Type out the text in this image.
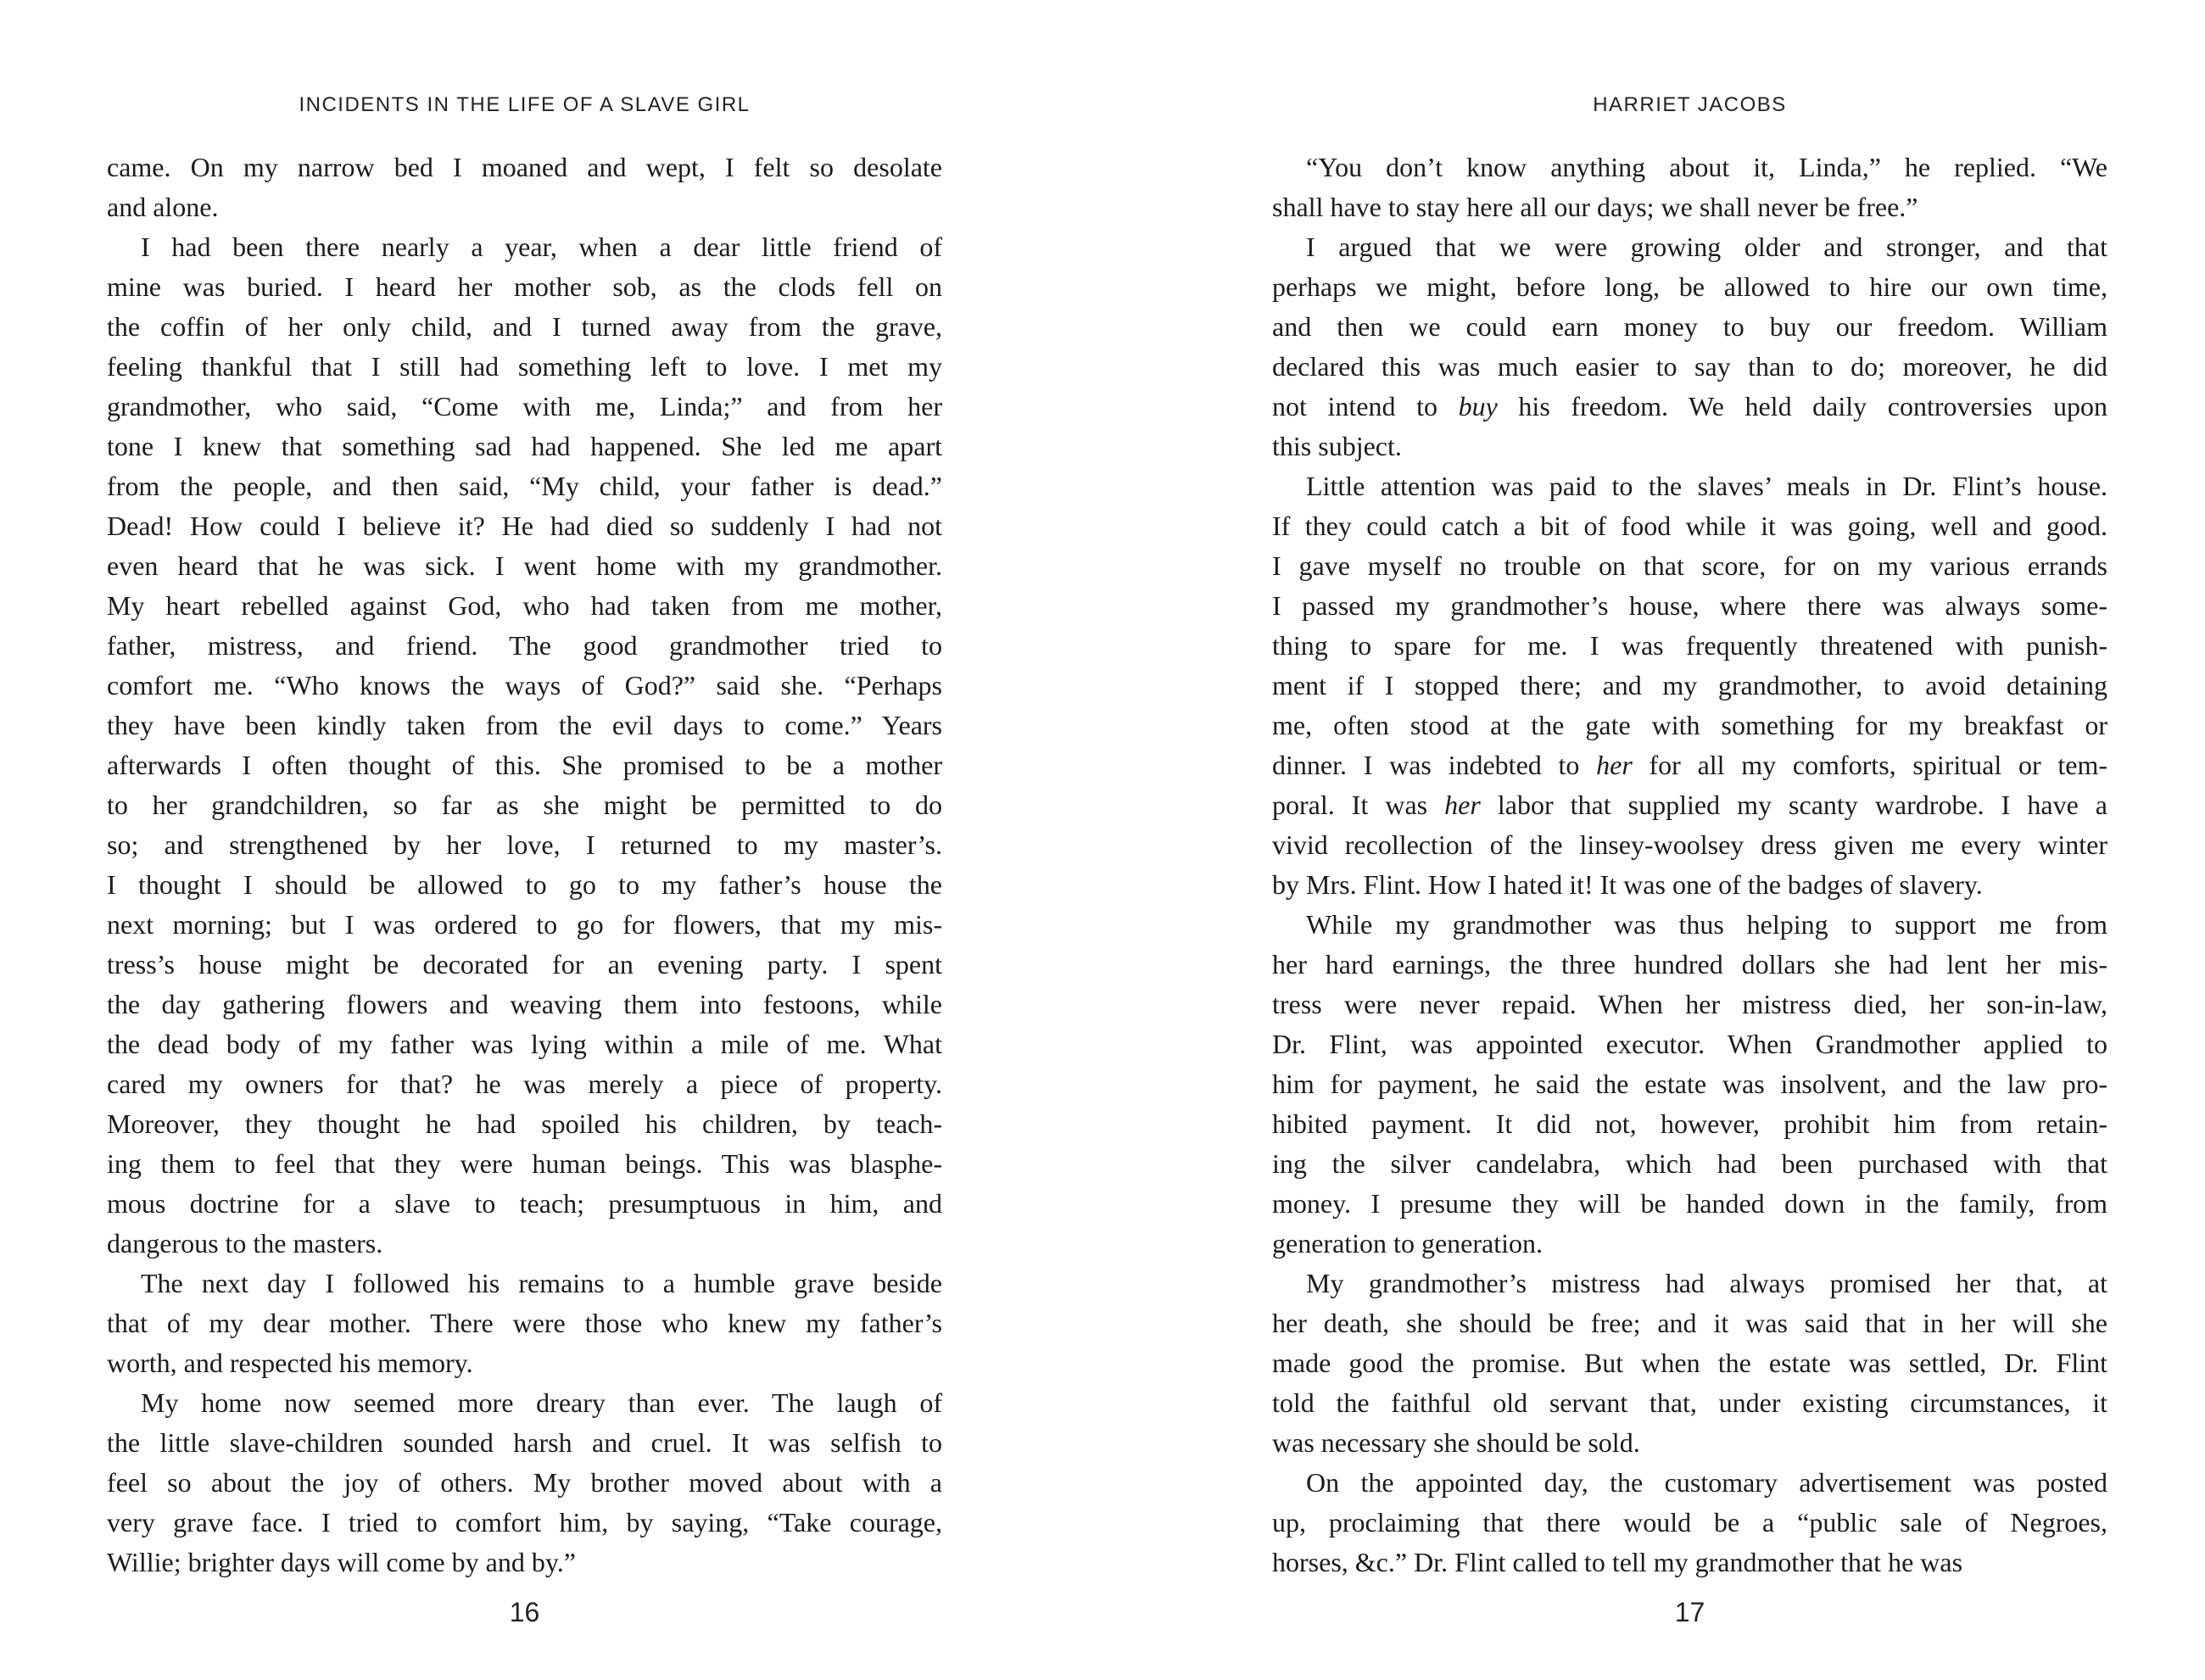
INCIDENTS IN THE LIFE OF A SLAVE GIRL
came. On my narrow bed I moaned and wept, I felt so desolate
and alone.
I had been there nearly a year, when a dear little friend of
mine was buried. I heard her mother sob, as the clods fell on
the coffin of her only child, and I turned away from the grave,
feeling thankful that I still had something left to love. I met my
grandmother, who said, “Come with me, Linda;” and from her
tone I knew that something sad had happened. She led me apart
from the people, and then said, “My child, your father is dead.”
Dead! How could I believe it? He had died so suddenly I had not
even heard that he was sick. I went home with my grandmother.
My heart rebelled against God, who had taken from me mother,
father, mistress, and friend. The good grandmother tried to
comfort me. “Who knows the ways of God?” said she. “Perhaps
they have been kindly taken from the evil days to come.” Years
afterwards I often thought of this. She promised to be a mother
to her grandchildren, so far as she might be permitted to do
so; and strengthened by her love, I returned to my master’s.
I thought I should be allowed to go to my father’s house the
next morning; but I was ordered to go for flowers, that my mis-
tress’s house might be decorated for an evening party. I spent
the day gathering flowers and weaving them into festoons, while
the dead body of my father was lying within a mile of me. What
cared my owners for that? he was merely a piece of property.
Moreover, they thought he had spoiled his children, by teach-
ing them to feel that they were human beings. This was blasphe-
mous doctrine for a slave to teach; presumptuous in him, and
dangerous to the masters.
The next day I followed his remains to a humble grave beside
that of my dear mother. There were those who knew my father’s
worth, and respected his memory.
My home now seemed more dreary than ever. The laugh of
the little slave-children sounded harsh and cruel. It was selfish to
feel so about the joy of others. My brother moved about with a
very grave face. I tried to comfort him, by saying, “Take courage,
Willie; brighter days will come by and by.”
16
HARRIET JACOBS
“You don’t know anything about it, Linda,” he replied. “We
shall have to stay here all our days; we shall never be free.”
I argued that we were growing older and stronger, and that
perhaps we might, before long, be allowed to hire our own time,
and then we could earn money to buy our freedom. William
declared this was much easier to say than to do; moreover, he did
not intend to buy his freedom. We held daily controversies upon
this subject.
Little attention was paid to the slaves’ meals in Dr. Flint’s house.
If they could catch a bit of food while it was going, well and good.
I gave myself no trouble on that score, for on my various errands
I passed my grandmother’s house, where there was always some-
thing to spare for me. I was frequently threatened with punish-
ment if I stopped there; and my grandmother, to avoid detaining
me, often stood at the gate with something for my breakfast or
dinner. I was indebted to her for all my comforts, spiritual or tem-
poral. It was her labor that supplied my scanty wardrobe. I have a
vivid recollection of the linsey-woolsey dress given me every winter
by Mrs. Flint. How I hated it! It was one of the badges of slavery.
While my grandmother was thus helping to support me from
her hard earnings, the three hundred dollars she had lent her mis-
tress were never repaid. When her mistress died, her son-in-law,
Dr. Flint, was appointed executor. When Grandmother applied to
him for payment, he said the estate was insolvent, and the law pro-
hibited payment. It did not, however, prohibit him from retain-
ing the silver candelabra, which had been purchased with that
money. I presume they will be handed down in the family, from
generation to generation.
My grandmother’s mistress had always promised her that, at
her death, she should be free; and it was said that in her will she
made good the promise. But when the estate was settled, Dr. Flint
told the faithful old servant that, under existing circumstances, it
was necessary she should be sold.
On the appointed day, the customary advertisement was posted
up, proclaiming that there would be a “public sale of Negroes,
horses, &c.” Dr. Flint called to tell my grandmother that he was
17
